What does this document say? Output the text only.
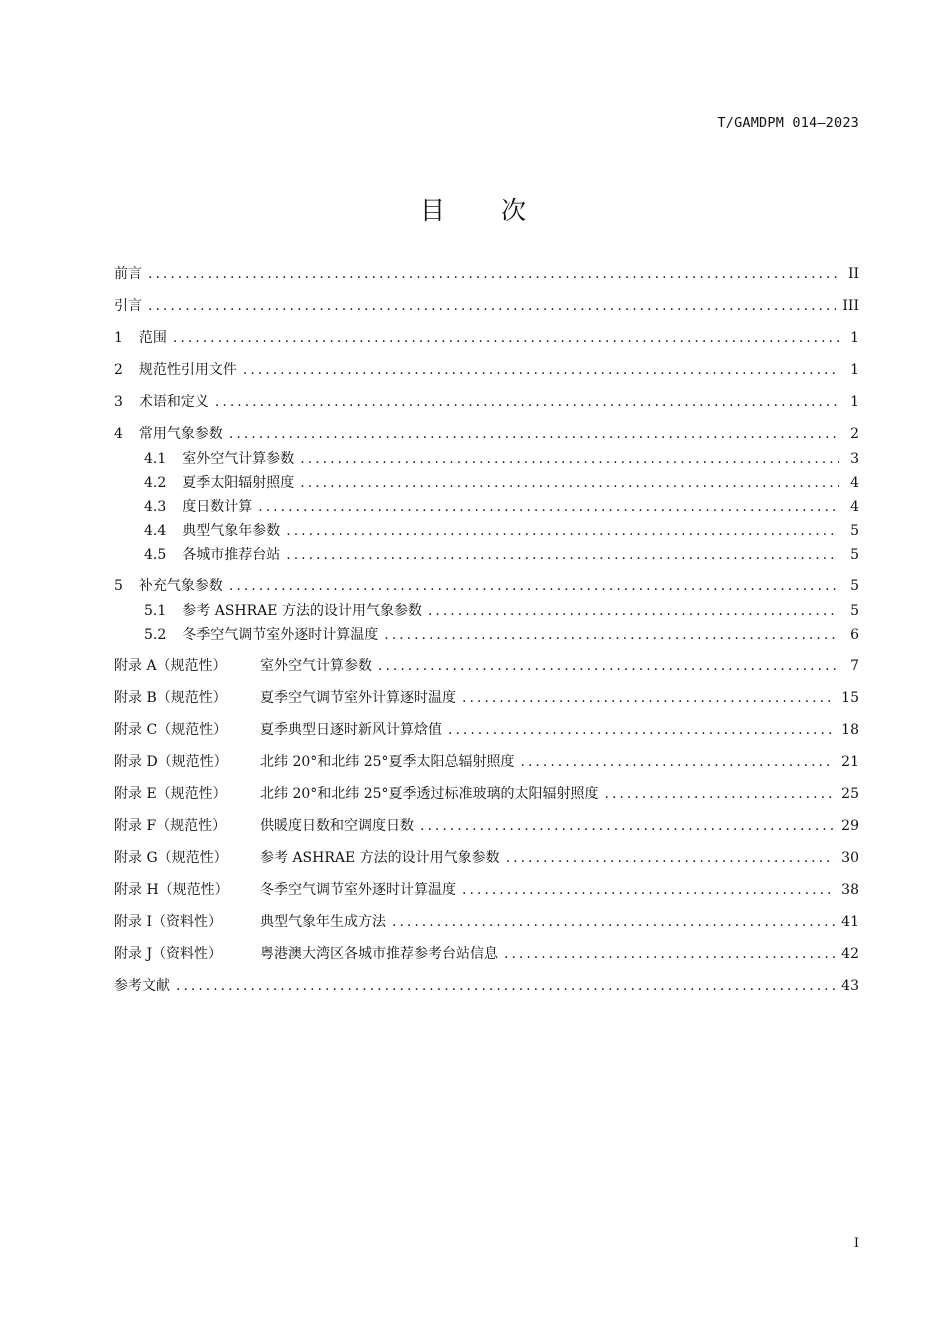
T/GAMDPM 014—2023
目 次
前言 .....	II
引言 .....	III
1 范围 .....	1
2 规范性引用文件 .....	1
3 术语和定义 .....	1
4 常用气象参数 .....	2
4.1 室外空气计算参数 .....	3
4.2 夏季太阳辐射照度 .....	4
4.3 度日数计算 .....	4
4.4 典型气象年参数 .....	5
4.5 各城市推荐台站 .....	5
5 补充气象参数 .....	5
5.1 参考 ASHRAE 方法的设计用气象参数 .....	5
5.2 冬季空气调节室外逐时计算温度 .....	6
附录 A（规范性） 室外空气计算参数 .....	7
附录 B（规范性） 夏季空气调节室外计算逐时温度 .....	15
附录 C（规范性） 夏季典型日逐时新风计算焓值 .....	18
附录 D（规范性） 北纬 20°和北纬 25°夏季太阳总辐射照度 .....	21
附录 E（规范性） 北纬 20°和北纬 25°夏季透过标准玻璃的太阳辐射照度 .....	25
附录 F（规范性） 供暖度日数和空调度日数 .....	29
附录 G（规范性） 参考 ASHRAE 方法的设计用气象参数 .....	30
附录 H（规范性） 冬季空气调节室外逐时计算温度 .....	38
附录 I（资料性）	典型气象年生成方法 .....	41
附录 J（资料性）	粤港澳大湾区各城市推荐参考台站信息 .....	42
参考文献 .....	43
I
